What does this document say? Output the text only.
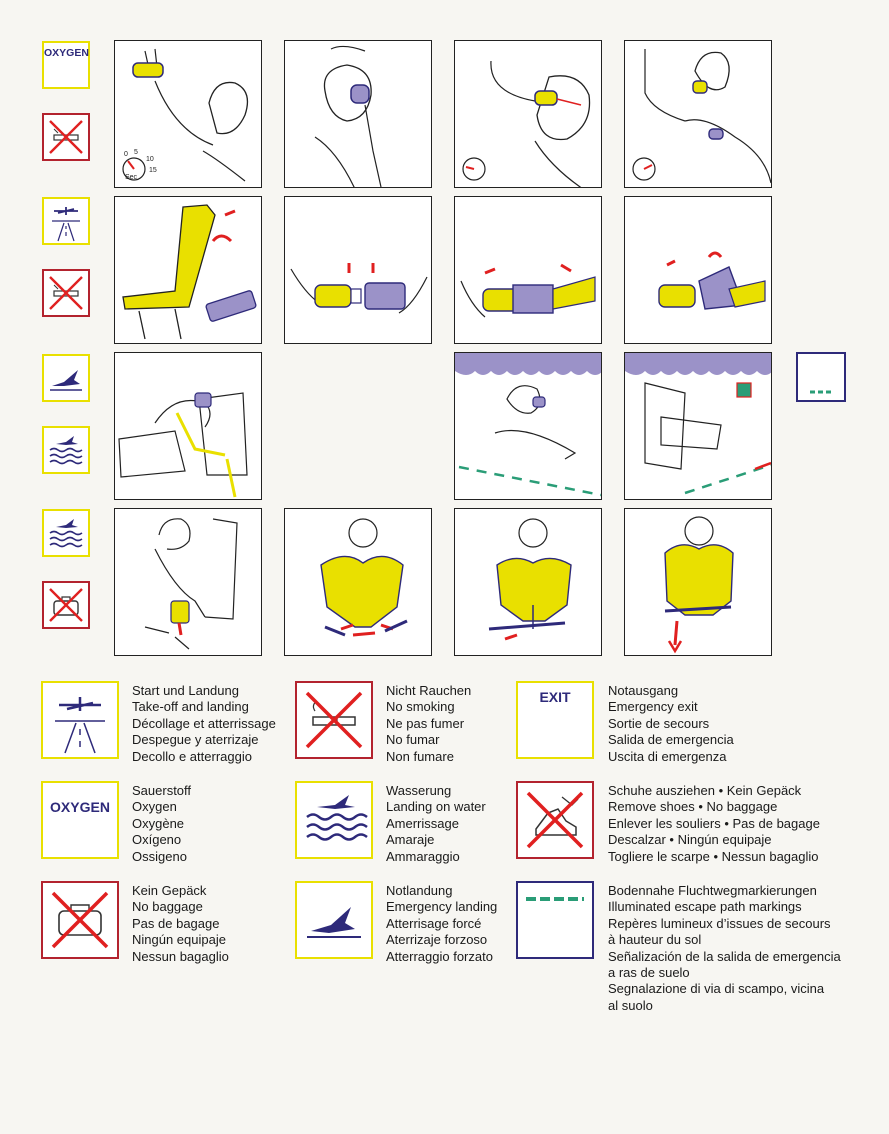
OXYGEN
0 5
10
15
Sec
Start und Landung
Take-off and landing
Décollage et atterrissage
Despegue y aterrizaje
Decollo e atterraggio
Nicht Rauchen
No smoking
Ne pas fumer
No fumar
Non fumare
EXIT	Notausgang
Emergency exit
Sortie de secours
Salida de emergencia
Uscita di emergenza
OXYGEN
Sauerstoff
Oxygen
Oxygène
Oxígeno
Ossigeno
Wasserung
Landing on water
Amerrissage
Amaraje
Ammaraggio
Schuhe ausziehen • Kein Gepäck
Remove shoes • No baggage
Enlever les souliers • Pas de bagage
Descalzar • Ningún equipaje
Togliere le scarpe • Nessun bagaglio
Kein Gepäck
No baggage
Pas de bagage
Ningún equipaje
Nessun bagaglio
Notlandung
Emergency landing
Atterrisage forcé
Aterrizaje forzoso
Atterraggio forzato
Bodennahe Fluchtwegmarkierungen
Illuminated escape path markings
Repères lumineux d’issues de secours
à hauteur du sol
Señalización de la salida de emergencia
a ras de suelo
Segnalazione di via di scampo, vicina
al suolo
